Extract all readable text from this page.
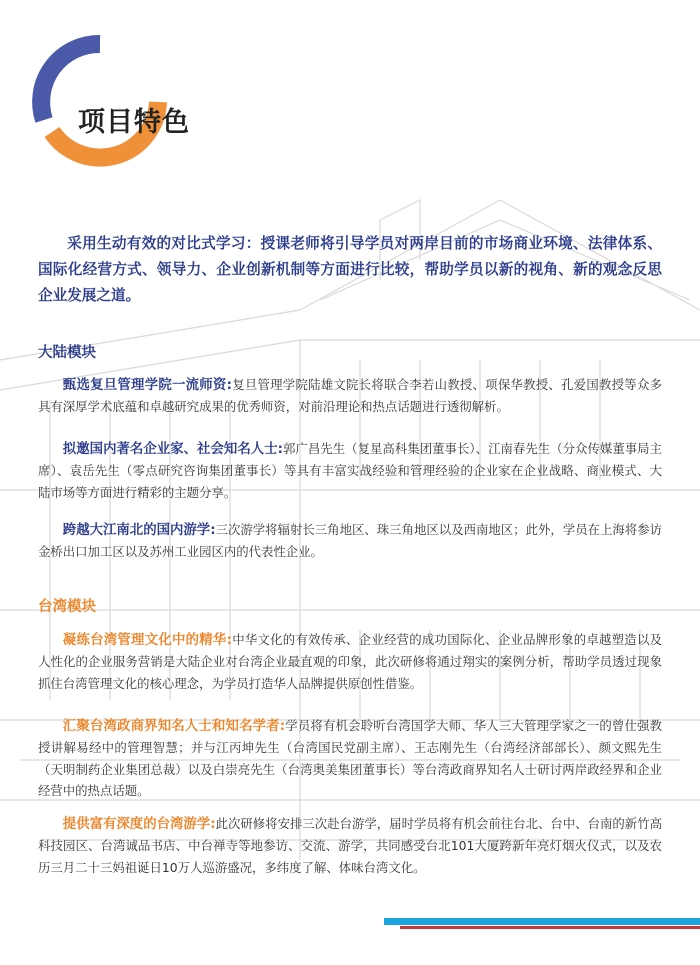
项目特色
采用生动有效的对比式学习：授课老师将引导学员对两岸目前的市场商业环境、法律体系、国际化经营方式、领导力、企业创新机制等方面进行比较，帮助学员以新的视角、新的观念反思企业发展之道。
大陆模块
甄选复旦管理学院一流师资:复旦管理学院陆雄文院长将联合李若山教授、项保华教授、孔爱国教授等众多具有深厚学术底蕴和卓越研究成果的优秀师资，对前沿理论和热点话题进行透彻解析。
拟邀国内著名企业家、社会知名人士:郭广昌先生（复星高科集团董事长）、江南春先生（分众传媒董事局主席）、袁岳先生（零点研究咨询集团董事长）等具有丰富实战经验和管理经验的企业家在企业战略、商业模式、大陆市场等方面进行精彩的主题分享。
跨越大江南北的国内游学:三次游学将辐射长三角地区、珠三角地区以及西南地区；此外，学员在上海将参访金桥出口加工区以及苏州工业园区内的代表性企业。
台湾模块
凝练台湾管理文化中的精华:中华文化的有效传承、企业经营的成功国际化、企业品牌形象的卓越塑造以及人性化的企业服务营销是大陆企业对台湾企业最直观的印象，此次研修将通过翔实的案例分析，帮助学员透过现象抓住台湾管理文化的核心理念，为学员打造华人品牌提供原创性借鉴。
汇聚台湾政商界知名人士和知名学者:学员将有机会聆听台湾国学大师、华人三大管理学家之一的曾仕强教授讲解易经中的管理智慧；并与江丙坤先生（台湾国民党副主席）、王志刚先生（台湾经济部部长）、颜文熙先生（天明制药企业集团总裁）以及白崇亮先生（台湾奥美集团董事长）等台湾政商界知名人士研讨两岸政经界和企业经营中的热点话题。
提供富有深度的台湾游学:此次研修将安排三次赴台游学，届时学员将有机会前往台北、台中、台南的新竹高科技园区、台湾诚品书店、中台禅寺等地参访、交流、游学，共同感受台北101大厦跨新年亮灯烟火仪式，以及农历三月二十三妈祖诞日10万人巡游盛况，多纬度了解、体味台湾文化。
